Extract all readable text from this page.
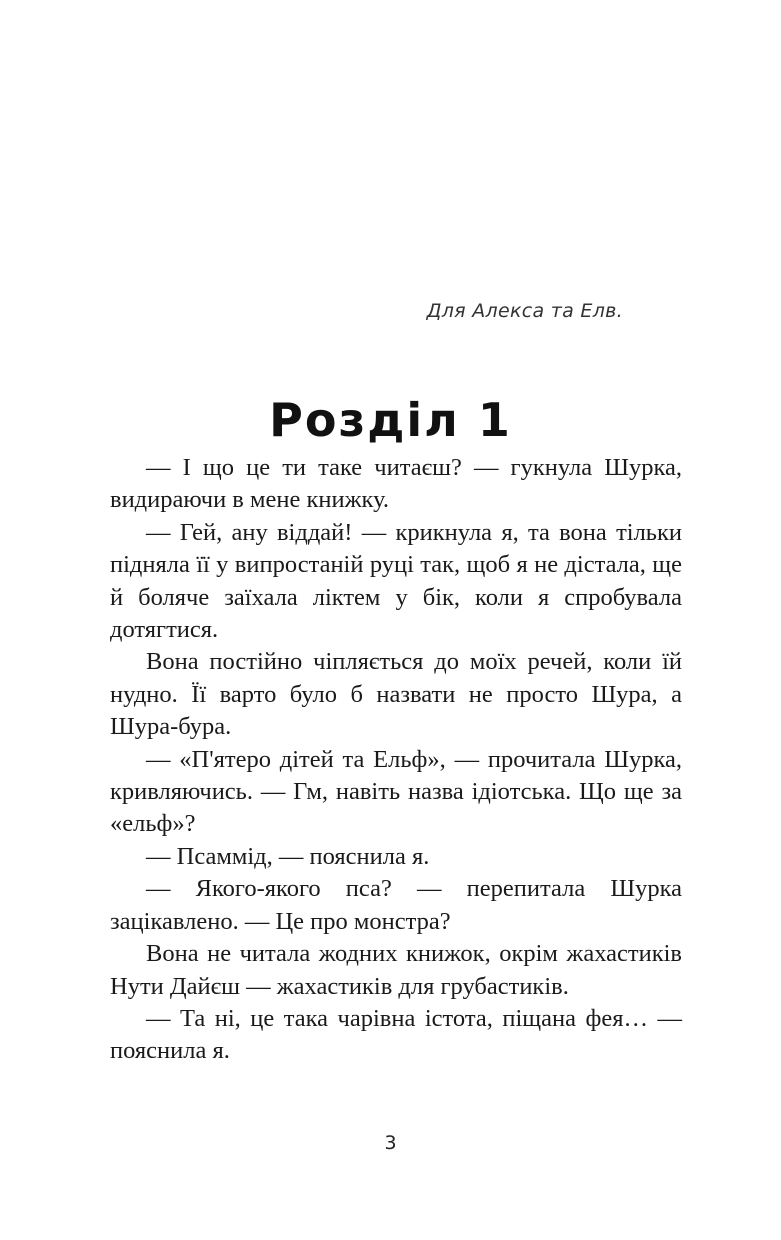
Для Алекса та Елв.
Розділ 1

— І що це ти таке читаєш? — гукнула Шурка, видираючи в мене книжку.

— Гей, ану віддай! — крикнула я, та вона тільки підняла її у випростаній руці так, щоб я не дістала, ще й боляче заїхала ліктем у бік, коли я спробувала дотягтися.

Вона постійно чіпляється до моїх речей, коли їй нудно. Її варто було б назвати не просто Шура, а Шура-бура.

— «П'ятеро дітей та Ельф», — прочитала Шурка, кривляючись. — Гм, навіть назва ідіотська. Що ще за «ельф»?

— Псаммід, — пояснила я.

— Якого-якого пса? — перепитала Шурка зацікавлено. — Це про монстра?

Вона не читала жодних книжок, окрім жахастиків Нути Дайєш — жахастиків для грубастиків.

— Та ні, це така чарівна істота, піщана фея… — пояснила я.

3
